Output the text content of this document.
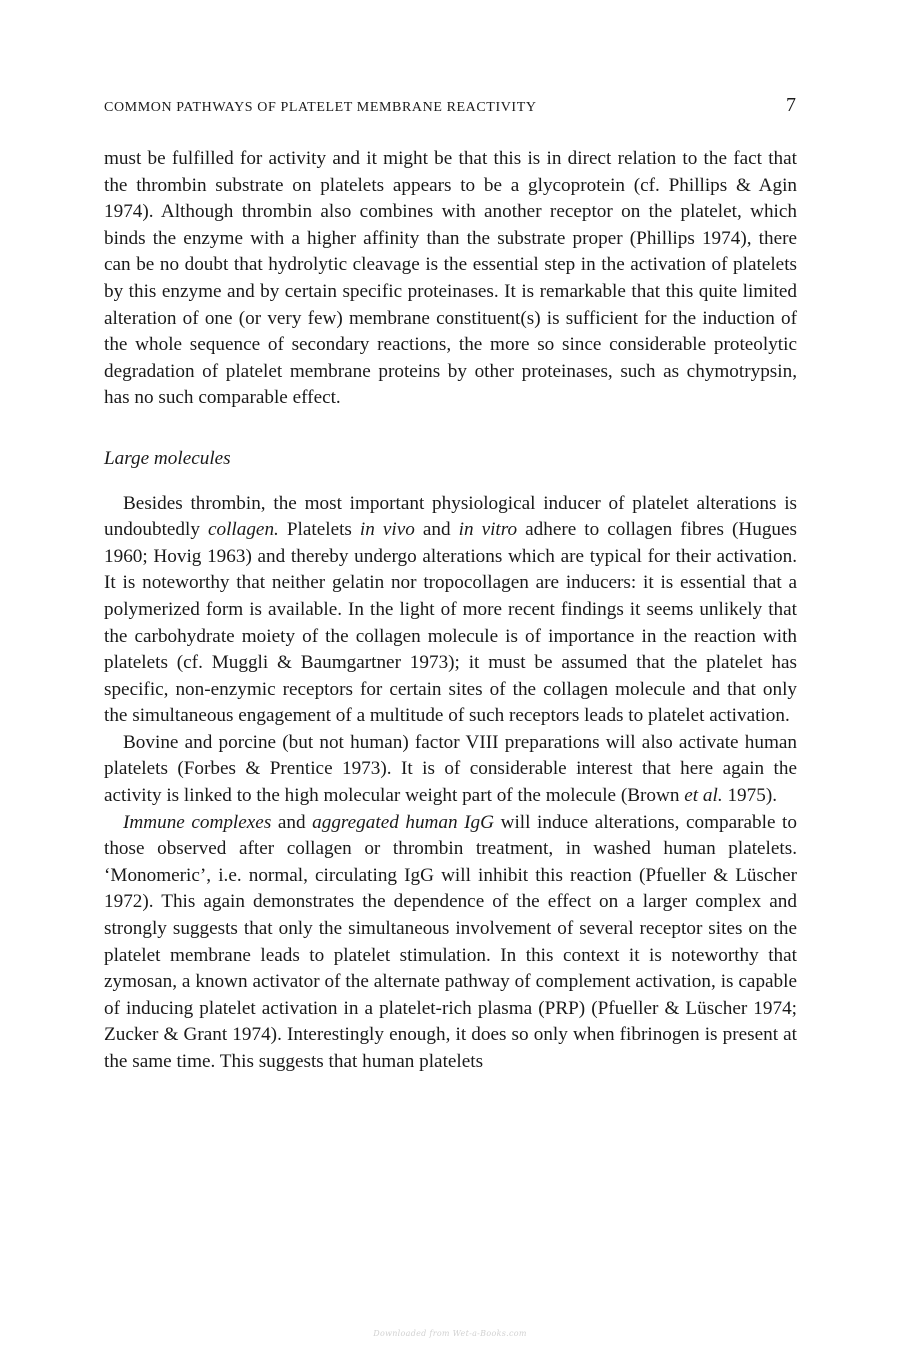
COMMON PATHWAYS OF PLATELET MEMBRANE REACTIVITY	7

must be fulfilled for activity and it might be that this is in direct relation to the fact that the thrombin substrate on platelets appears to be a glycoprotein (cf. Phillips & Agin 1974). Although thrombin also combines with another receptor on the platelet, which binds the enzyme with a higher affinity than the substrate proper (Phillips 1974), there can be no doubt that hydrolytic cleavage is the essential step in the activation of platelets by this enzyme and by certain specific proteinases. It is remarkable that this quite limited alteration of one (or very few) membrane constituent(s) is sufficient for the induction of the whole sequence of secondary reactions, the more so since considerable proteolytic degradation of platelet membrane proteins by other proteinases, such as chymotrypsin, has no such comparable effect.

Large molecules

Besides thrombin, the most important physiological inducer of platelet alterations is undoubtedly collagen. Platelets in vivo and in vitro adhere to collagen fibres (Hugues 1960; Hovig 1963) and thereby undergo alterations which are typical for their activation. It is noteworthy that neither gelatin nor tropocollagen are inducers: it is essential that a polymerized form is available. In the light of more recent findings it seems unlikely that the carbohydrate moiety of the collagen molecule is of importance in the reaction with platelets (cf. Muggli & Baumgartner 1973); it must be assumed that the platelet has specific, non-enzymic receptors for certain sites of the collagen molecule and that only the simultaneous engagement of a multitude of such receptors leads to platelet activation.

Bovine and porcine (but not human) factor VIII preparations will also activate human platelets (Forbes & Prentice 1973). It is of considerable interest that here again the activity is linked to the high molecular weight part of the molecule (Brown et al. 1975).

Immune complexes and aggregated human IgG will induce alterations, comparable to those observed after collagen or thrombin treatment, in washed human platelets. ‘Monomeric’, i.e. normal, circulating IgG will inhibit this reaction (Pfueller & Lüscher 1972). This again demonstrates the dependence of the effect on a larger complex and strongly suggests that only the simultaneous involvement of several receptor sites on the platelet membrane leads to platelet stimulation. In this context it is noteworthy that zymosan, a known activator of the alternate pathway of complement activation, is capable of inducing platelet activation in a platelet-rich plasma (PRP) (Pfueller & Lüscher 1974; Zucker & Grant 1974). Interestingly enough, it does so only when fibrinogen is present at the same time. This suggests that human platelets

Downloaded from Wet-a-Books.com
